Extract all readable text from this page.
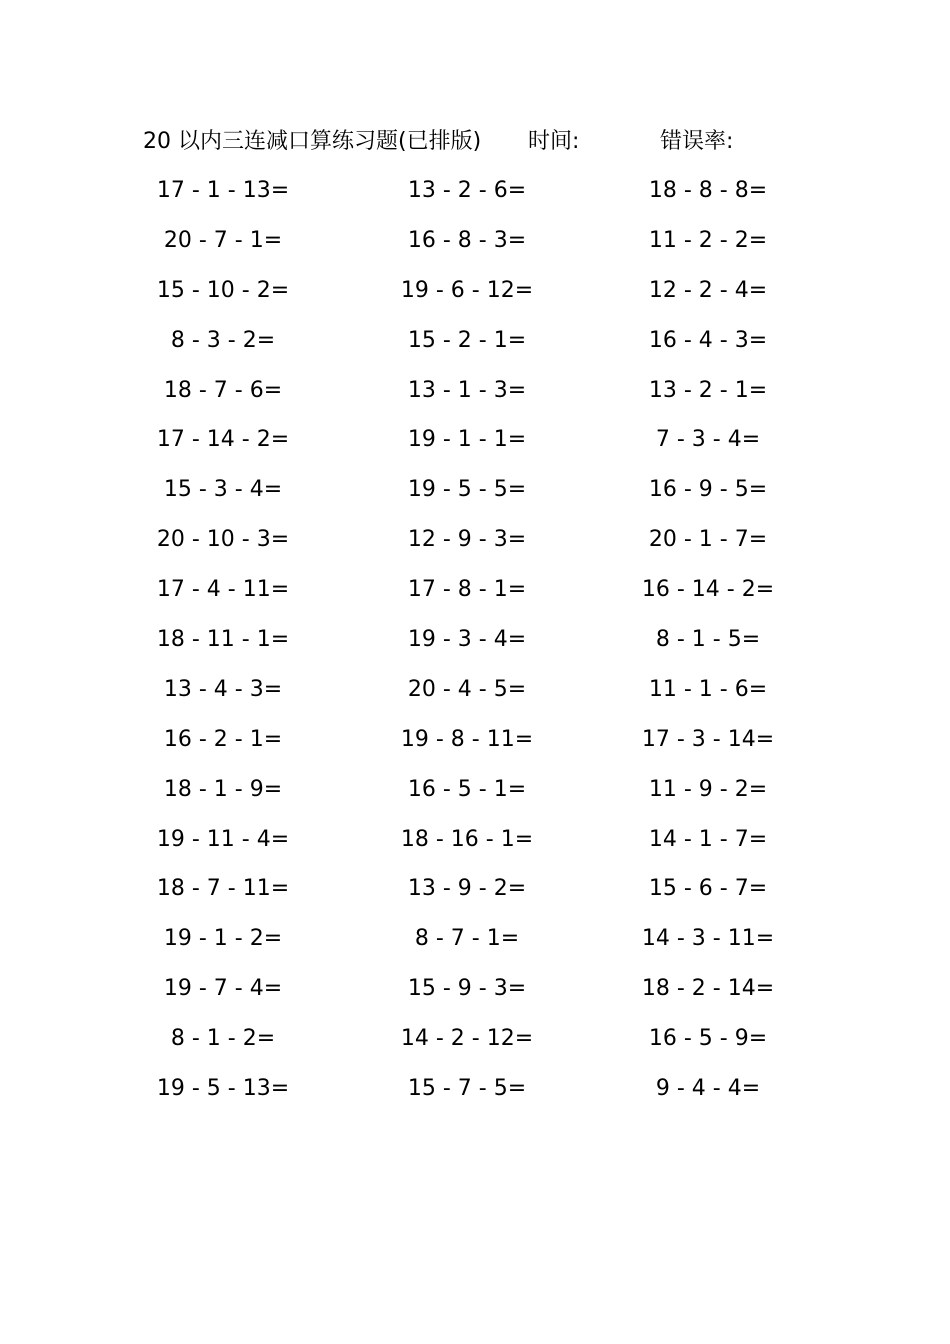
20 以内三连减口算练习题(已排版) 时间:	错误率:
17 - 1 - 13=	13 - 2 - 6=	18 - 8 - 8=
20 - 7 - 1=	16 - 8 - 3=	11 - 2 - 2=
15 - 10 - 2=	19 - 6 - 12=	12 - 2 - 4=
8 - 3 - 2=	15 - 2 - 1=	16 - 4 - 3=
18 - 7 - 6=	13 - 1 - 3=	13 - 2 - 1=
17 - 14 - 2=	19 - 1 - 1=	7 - 3 - 4=
15 - 3 - 4=	19 - 5 - 5=	16 - 9 - 5=
20 - 10 - 3=	12 - 9 - 3=	20 - 1 - 7=
17 - 4 - 11=	17 - 8 - 1=	16 - 14 - 2=
18 - 11 - 1=	19 - 3 - 4=	8 - 1 - 5=
13 - 4 - 3=	20 - 4 - 5=	11 - 1 - 6=
16 - 2 - 1=	19 - 8 - 11=	17 - 3 - 14=
18 - 1 - 9=	16 - 5 - 1=	11 - 9 - 2=
19 - 11 - 4=	18 - 16 - 1=	14 - 1 - 7=
18 - 7 - 11=	13 - 9 - 2=	15 - 6 - 7=
19 - 1 - 2=	8 - 7 - 1=	14 - 3 - 11=
19 - 7 - 4=	15 - 9 - 3=	18 - 2 - 14=
8 - 1 - 2=	14 - 2 - 12=	16 - 5 - 9=
19 - 5 - 13=	15 - 7 - 5=	9 - 4 - 4=
